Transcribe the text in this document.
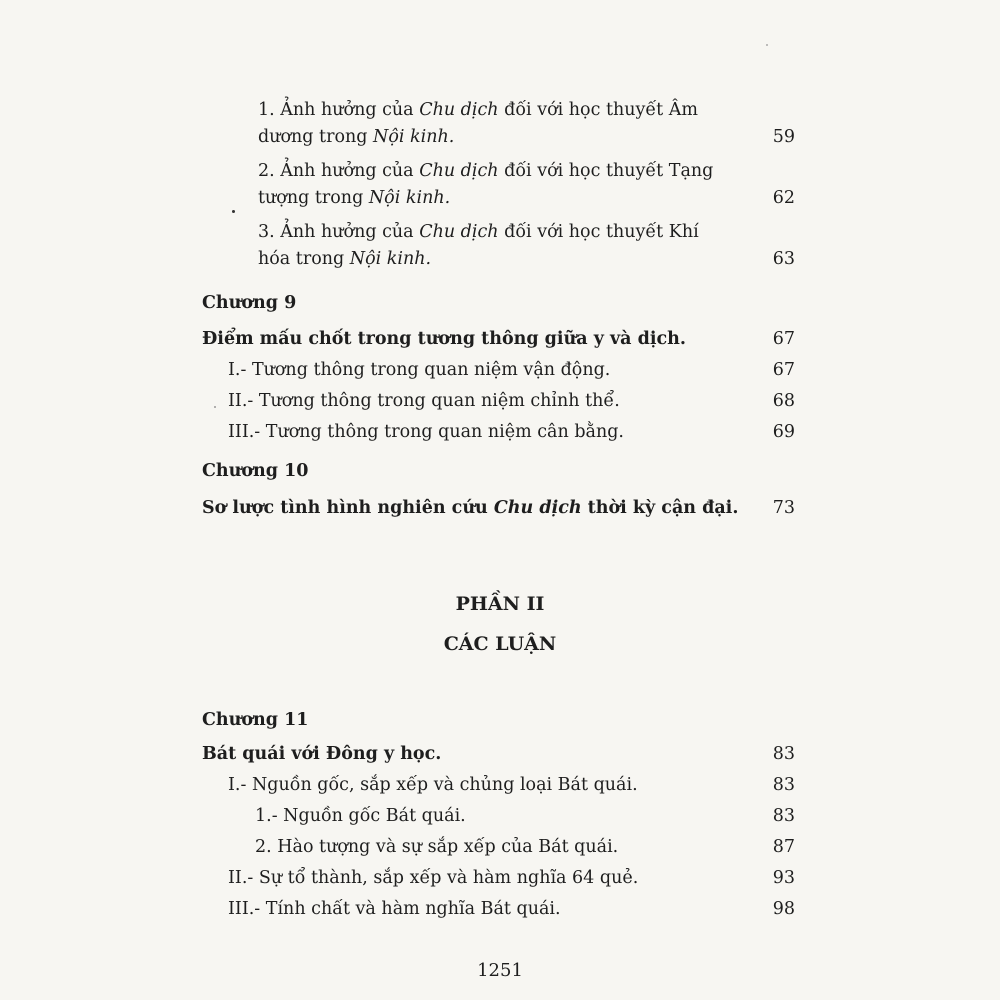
1. Ảnh hưởng của Chu dịch đối với học thuyết Âm
dương trong Nội kinh.	59
2. Ảnh hưởng của Chu dịch đối với học thuyết Tạng
tượng trong Nội kinh.	62
3. Ảnh hưởng của Chu dịch đối với học thuyết Khí
hóa trong Nội kinh.	63
Chương 9
Điểm mấu chốt trong tương thông giữa y và dịch.	67
I.- Tương thông trong quan niệm vận động.	67
II.- Tương thông trong quan niệm chỉnh thể.	68
III.- Tương thông trong quan niệm cân bằng.	69
Chương 10
Sơ lược tình hình nghiên cứu Chu dịch thời kỳ cận đại. 73
PHẦN II
CÁC LUẬN
Chương 11
Bát quái với Đông y học.	83
I.- Nguồn gốc, sắp xếp và chủng loại Bát quái.	83
1.- Nguồn gốc Bát quái.	83
2. Hào tượng và sự sắp xếp của Bát quái.	87
II.- Sự tổ thành, sắp xếp và hàm nghĩa 64 quẻ.	93
III.- Tính chất và hàm nghĩa Bát quái.	98
1251
